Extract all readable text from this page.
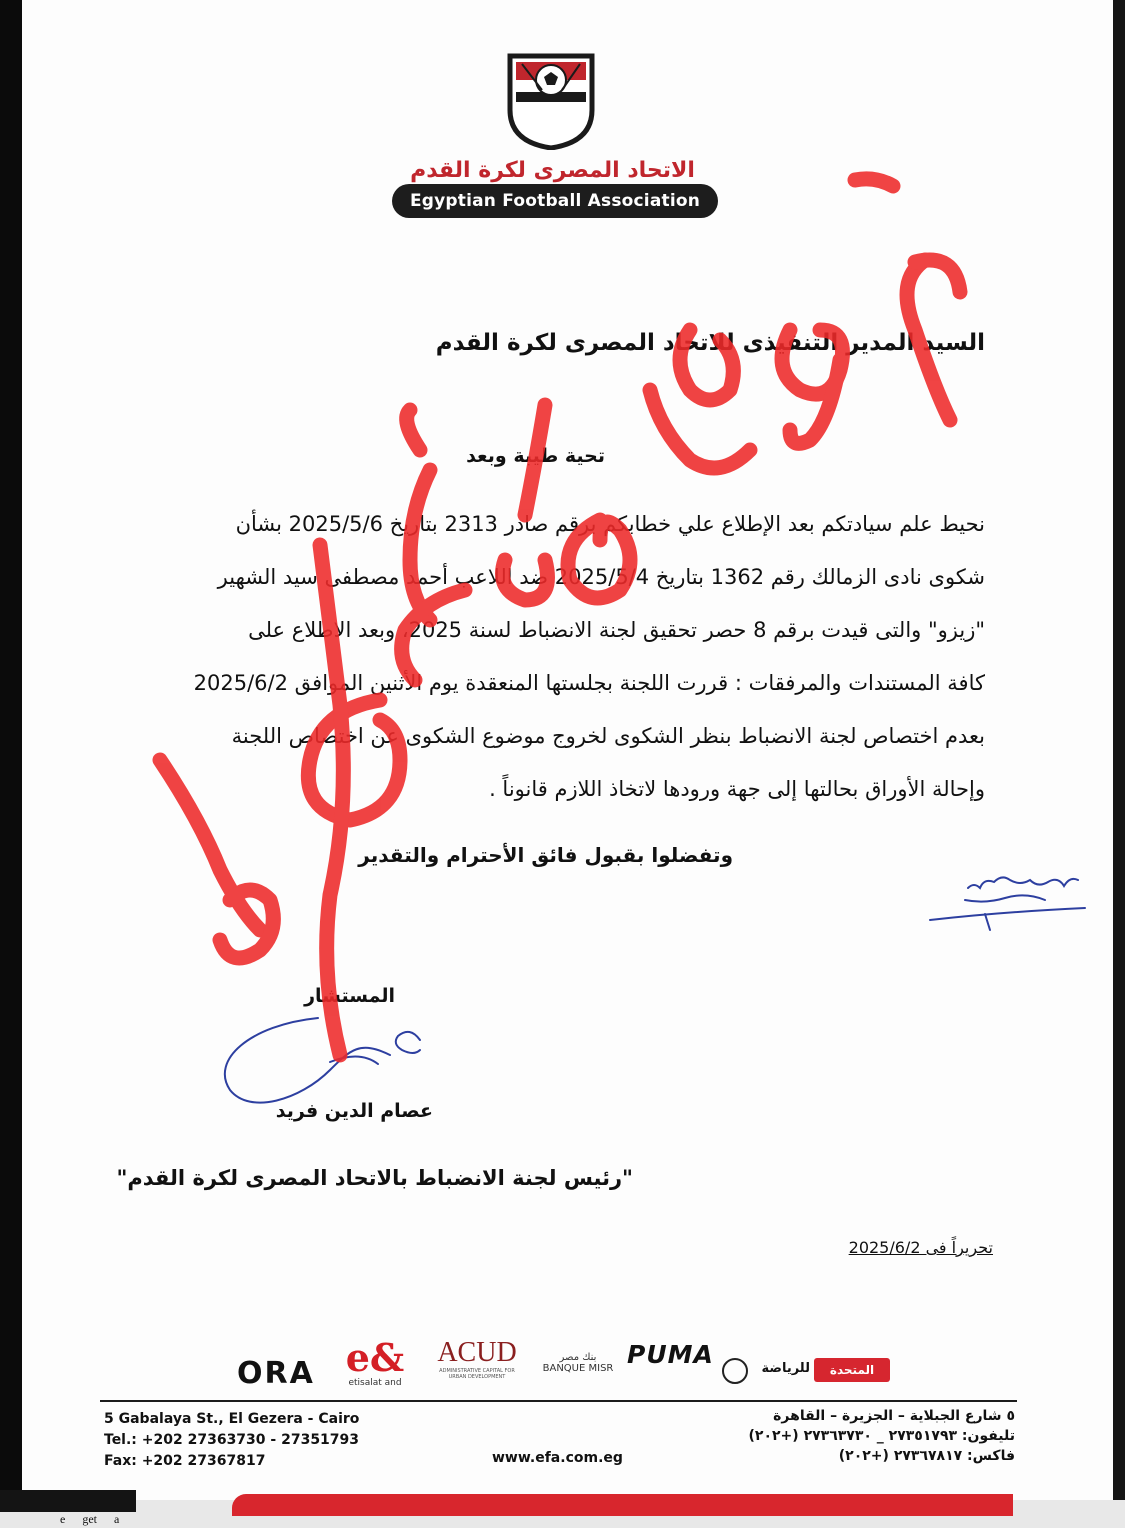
الاتحاد المصرى لكرة القدم
Egyptian Football Association
السيد المدير التنفيذى للاتحاد المصرى لكرة القدم
تحية طيبة وبعد
نحيط علم سيادتكم بعد الإطلاع علي خطابكم برقم صادر 2313 بتاريخ 2025/5/6 بشأن
شكوى نادى الزمالك رقم 1362 بتاريخ 2025/5/4 ضد اللاعب أحمد مصطفى سيد الشهير
"زيزو" والتى قيدت برقم 8 حصر تحقيق لجنة الانضباط لسنة 2025، وبعد الاطلاع على
كافة المستندات والمرفقات : قررت اللجنة بجلستها المنعقدة يوم الأثنين الموافق 2025/6/2
بعدم اختصاص لجنة الانضباط بنظر الشكوى لخروج موضوع الشكوى عن اختصاص اللجنة
وإحالة الأوراق بحالتها إلى جهة ورودها لاتخاذ اللازم قانوناً .
وتفضلوا بقبول فائق الأحترام والتقدير
المستشار
عصام الدين فريد
"رئيس لجنة الانضباط بالاتحاد المصرى لكرة القدم"
تحريراً فى 2025/6/2
ORA e&
etisalat and
ACUD
ADMINISTRATIVE CAPITAL FOR URBAN DEVELOPMENT
بنك مصر
BANQUE MISR PUMA
المتحدة
للرياضة
5 Gabalaya St., El Gezera - Cairo
Tel.: +202 27363730 - 27351793
Fax: +202 27367817	www.efa.com.eg
٥ شارع الجبلاية – الجزيرة – القاهرة
تليفون: ٢٧٣٥١٧٩٣ _ ٢٧٣٦٣٧٣٠ (+٢٠٢)
فاكس: ٢٧٣٦٧٨١٧ (+٢٠٢)
e get a
